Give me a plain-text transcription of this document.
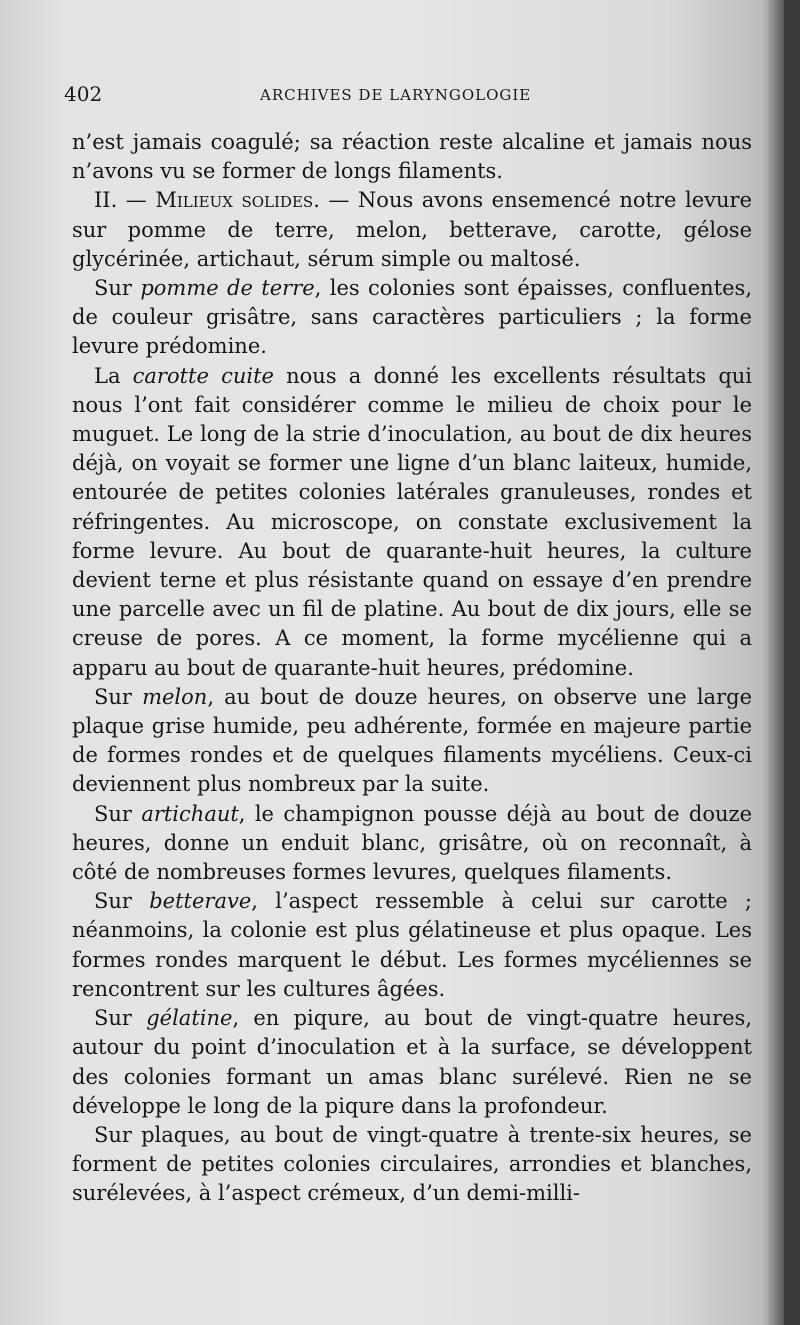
402	ARCHIVES DE LARYNGOLOGIE

n’est jamais coagulé; sa réaction reste alcaline et jamais nous n’avons vu se former de longs filaments.

II. — Milieux solides. — Nous avons ensemencé notre levure sur pomme de terre, melon, betterave, carotte, gélose glycérinée, artichaut, sérum simple ou maltosé.

Sur pomme de terre, les colonies sont épaisses, confluentes, de couleur grisâtre, sans caractères particuliers ; la forme levure prédomine.

La carotte cuite nous a donné les excellents résultats qui nous l’ont fait considérer comme le milieu de choix pour le muguet. Le long de la strie d’inoculation, au bout de dix heures déjà, on voyait se former une ligne d’un blanc laiteux, humide, entourée de petites colonies latérales granuleuses, rondes et réfringentes. Au microscope, on constate exclusivement la forme levure. Au bout de quarante-huit heures, la culture devient terne et plus résistante quand on essaye d’en prendre une parcelle avec un fil de platine. Au bout de dix jours, elle se creuse de pores. A ce moment, la forme mycélienne qui a apparu au bout de quarante-huit heures, prédomine.

Sur melon, au bout de douze heures, on observe une large plaque grise humide, peu adhérente, formée en majeure partie de formes rondes et de quelques filaments mycéliens. Ceux-ci deviennent plus nombreux par la suite.

Sur artichaut, le champignon pousse déjà au bout de douze heures, donne un enduit blanc, grisâtre, où on reconnaît, à côté de nombreuses formes levures, quelques filaments.

Sur betterave, l’aspect ressemble à celui sur carotte ; néanmoins, la colonie est plus gélatineuse et plus opaque. Les formes rondes marquent le début. Les formes mycéliennes se rencontrent sur les cultures âgées.

Sur gélatine, en piqure, au bout de vingt-quatre heures, autour du point d’inoculation et à la surface, se développent des colonies formant un amas blanc surélevé. Rien ne se développe le long de la piqure dans la profondeur.

Sur plaques, au bout de vingt-quatre à trente-six heures, se forment de petites colonies circulaires, arrondies et blanches, surélevées, à l’aspect crémeux, d’un demi-milli-
